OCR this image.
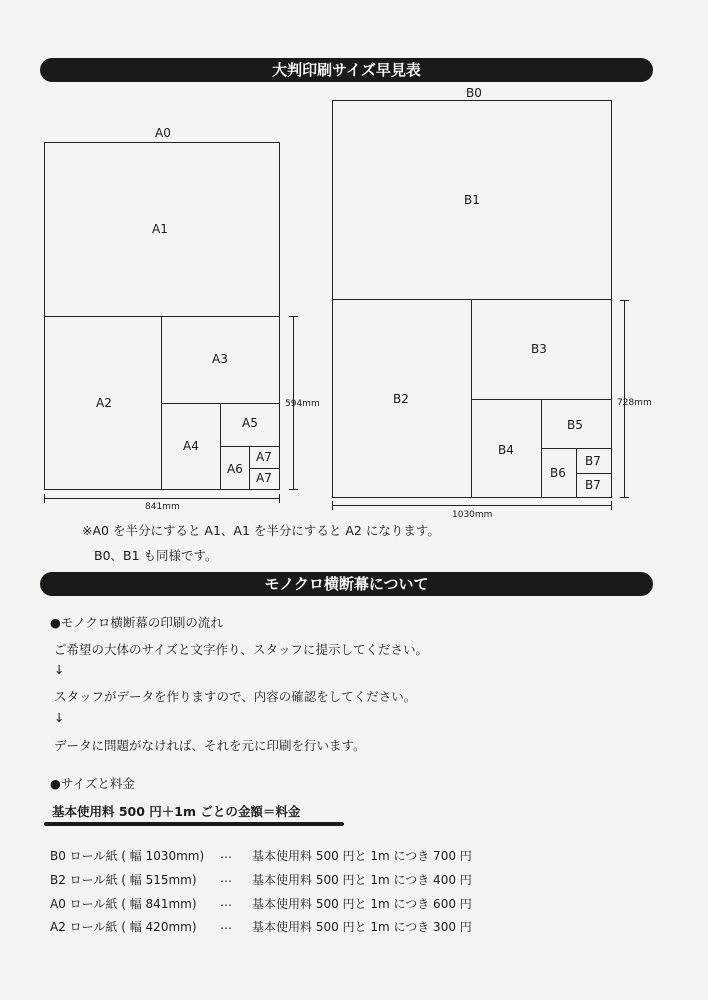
大判印刷サイズ早見表
A0
A1
A2
A3
A4
A5
A6
A7
A7
841mm
594mm
B0
B1
B2
B3
B4
B5
B6
B7
B7
1030mm
728mm
※A0 を半分にすると A1、A1 を半分にすると A2 になります。
B0、B1 も同様です。
モノクロ横断幕について
●モノクロ横断幕の印刷の流れ
ご希望の大体のサイズと文字作り、スタッフに提示してください。
↓
スタッフがデータを作りますので、内容の確認をしてください。
↓
データに問題がなければ、それを元に印刷を行います。
●サイズと料金
基本使用料 500 円＋1m ごとの金額＝料金
B0 ロール紙 ( 幅 1030mm) … 基本使用料 500 円と 1m につき 700 円
B2 ロール紙 ( 幅 515mm) … 基本使用料 500 円と 1m につき 400 円
A0 ロール紙 ( 幅 841mm) … 基本使用料 500 円と 1m につき 600 円
A2 ロール紙 ( 幅 420mm) … 基本使用料 500 円と 1m につき 300 円
